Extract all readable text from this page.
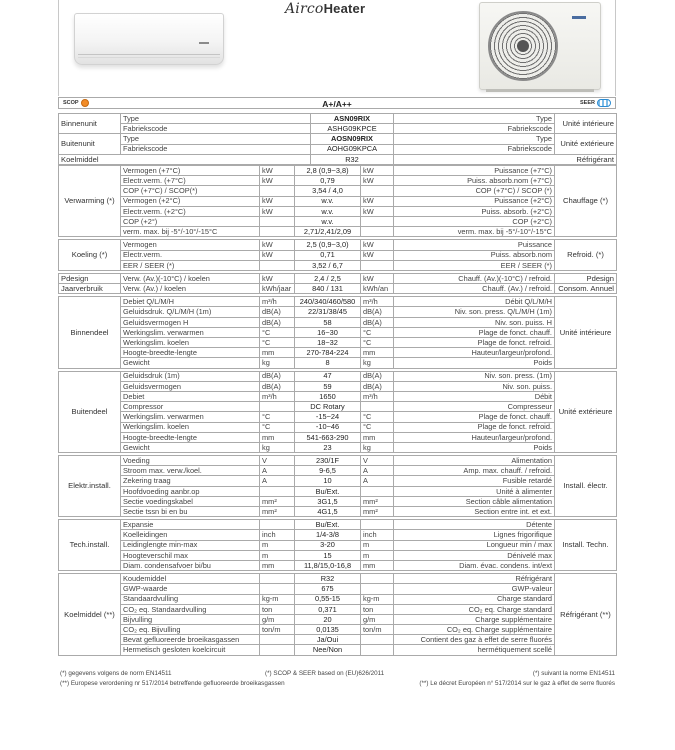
AircoHeater
SCOP	A+/A++	SEER
Binnenunit	Type	ASN09RIX	Type	Unité intérieure
	Fabriekscode	ASHG09KPCE	Fabriekscode	
Buitenunit	Type	AOSN09RIX	Type	Unité extérieure
	Fabriekscode	AOHG09KPCA	Fabriekscode	
Koelmiddel		R32	Réfrigérant	
Verwarming (*)	Vermogen (+7°C)	kW	2,8 (0,9~3,8)	kW	Puissance (+7°C)	Chauffage (*)
	Electr.verm. (+7°C)	kW	0,79	kW	Puiss. absorb.nom (+7°C)	
	COP (+7°C) / SCOP(*)		3,54 / 4,0		COP (+7°C) / SCOP (*)	
	Vermogen (+2°C)	kW	w.v.	kW	Puissance (+2°C)	
	Electr.verm. (+2°C)	kW	w.v.	kW	Puiss. absorb. (+2°C)	
	COP (+2°)		w.v.		COP (+2°C)	
	verm. max. bij -5°/-10°/-15°C		2,71/2,41/2,09		verm. max. bij -5°/-10°/-15°C	

Koeling (*)	Vermogen	kW	2,5 (0,9~3,0)	kW	Puissance	Refroid. (*)
	Electr.verm.	kW	0,71	kW	Puiss. absorb.nom	
	EER / SEER (*)		3,52 / 6,7		EER / SEER (*)	

Pdesign	Verw. (Av.)(-10°C) / koelen	kW	2,4 / 2,5	kW	Chauff. (Av.)(-10°C) / refroid.	Pdesign
Jaarverbruik	Verw. (Av.) / koelen	kWh/jaar	840 / 131	kWh/an	Chauff. (Av.) / refroid.	Consom. Annuel

Binnendeel	Debiet Q/L/M/H	m³/h	240/340/460/580	m³/h	Débit Q/L/M/H	Unité intérieure
	Geluidsdruk. Q/L/M/H (1m)	dB(A)	22/31/38/45	dB(A)	Niv. son. press. Q/L/M/H (1m)	
	Geluidsvermogen H	dB(A)	58	dB(A)	Niv. son. puiss. H	
	Werkingslim. verwarmen	°C	16~30	°C	Plage de fonct. chauff.	
	Werkingslim. koelen	°C	18~32	°C	Plage de fonct. refroid.	
	Hoogte-breedte-lengte	mm	270-784-224	mm	Hauteur/largeur/profond.	
	Gewicht	kg	8	kg	Poids	

Buitendeel	Geluidsdruk (1m)	dB(A)	47	dB(A)	Niv. son. press. (1m)	Unité extérieure
	Geluidsvermogen	dB(A)	59	dB(A)	Niv. son. puiss.	
	Debiet	m³/h	1650	m³/h	Débit	
	Compressor		DC Rotary		Compresseur	
	Werkingslim. verwarmen	°C	-15~24	°C	Plage de fonct. chauff.	
	Werkingslim. koelen	°C	-10~46	°C	Plage de fonct. refroid.	
	Hoogte-breedte-lengte	mm	541-663-290	mm	Hauteur/largeur/profond.	
	Gewicht	kg	23	kg	Poids	

Elektr.install.	Voeding	V	230/1F	V	Alimentation	Install. électr.
	Stroom max. verw./koel.	A	9-6,5	A	Amp. max. chauff. / refroid.	
	Zekering traag	A	10	A	Fusible retardé	
	Hoofdvoeding aanbr.op		Bu/Ext.		Unité à alimenter	
	Sectie voedingskabel	mm²	3G1,5	mm²	Section câble alimentation	
	Sectie tssn bi en bu	mm²	4G1,5	mm²	Section entre int. et ext.	

Tech.install.	Expansie		Bu/Ext.		Détente	Install. Techn.
	Koelleidingen	inch	1/4-3/8	inch	Lignes frigorifique	
	Leidinglengte min-max	m	3-20	m	Longueur min / max	
	Hoogteverschil max	m	15	m	Dénivelé max	
	Diam. condensafvoer bi/bu	mm	11,8/15,0-16,8	mm	Diam. évac. condens. int/ext	

Koelmiddel (**)	Koudemiddel		R32		Réfrigérant	Réfrigérant (**)
	GWP-waarde		675		GWP-valeur	
	Standaardvulling	kg-m	0,55-15	kg-m	Charge standard	
	CO₂ eq. Standaardvulling	ton	0,371	ton	CO₂ eq. Charge standard	
	Bijvulling	g/m	20	g/m	Charge supplémentaire	
	CO₂ eq. Bijvulling	ton/m	0,0135	ton/m	CO₂ eq. Charge supplémentaire	
	Bevat gefluoreerde broeikasgassen		Ja/Oui		Contient des gaz à effet de serre fluorés	
	Hermetisch gesloten koelcircuit		Nee/Non		hermétiquement scellé	
(*) gegevens volgens de norm EN14511	(*) SCOP & SEER based on (EU)626/2011	(*) suivant la norme EN14511
(**) Europese verordening nr 517/2014 betreffende gefluoreerde broeikasgassen	(**) Le décret Européen n° 517/2014 sur le gaz à effet de serre fluorés
